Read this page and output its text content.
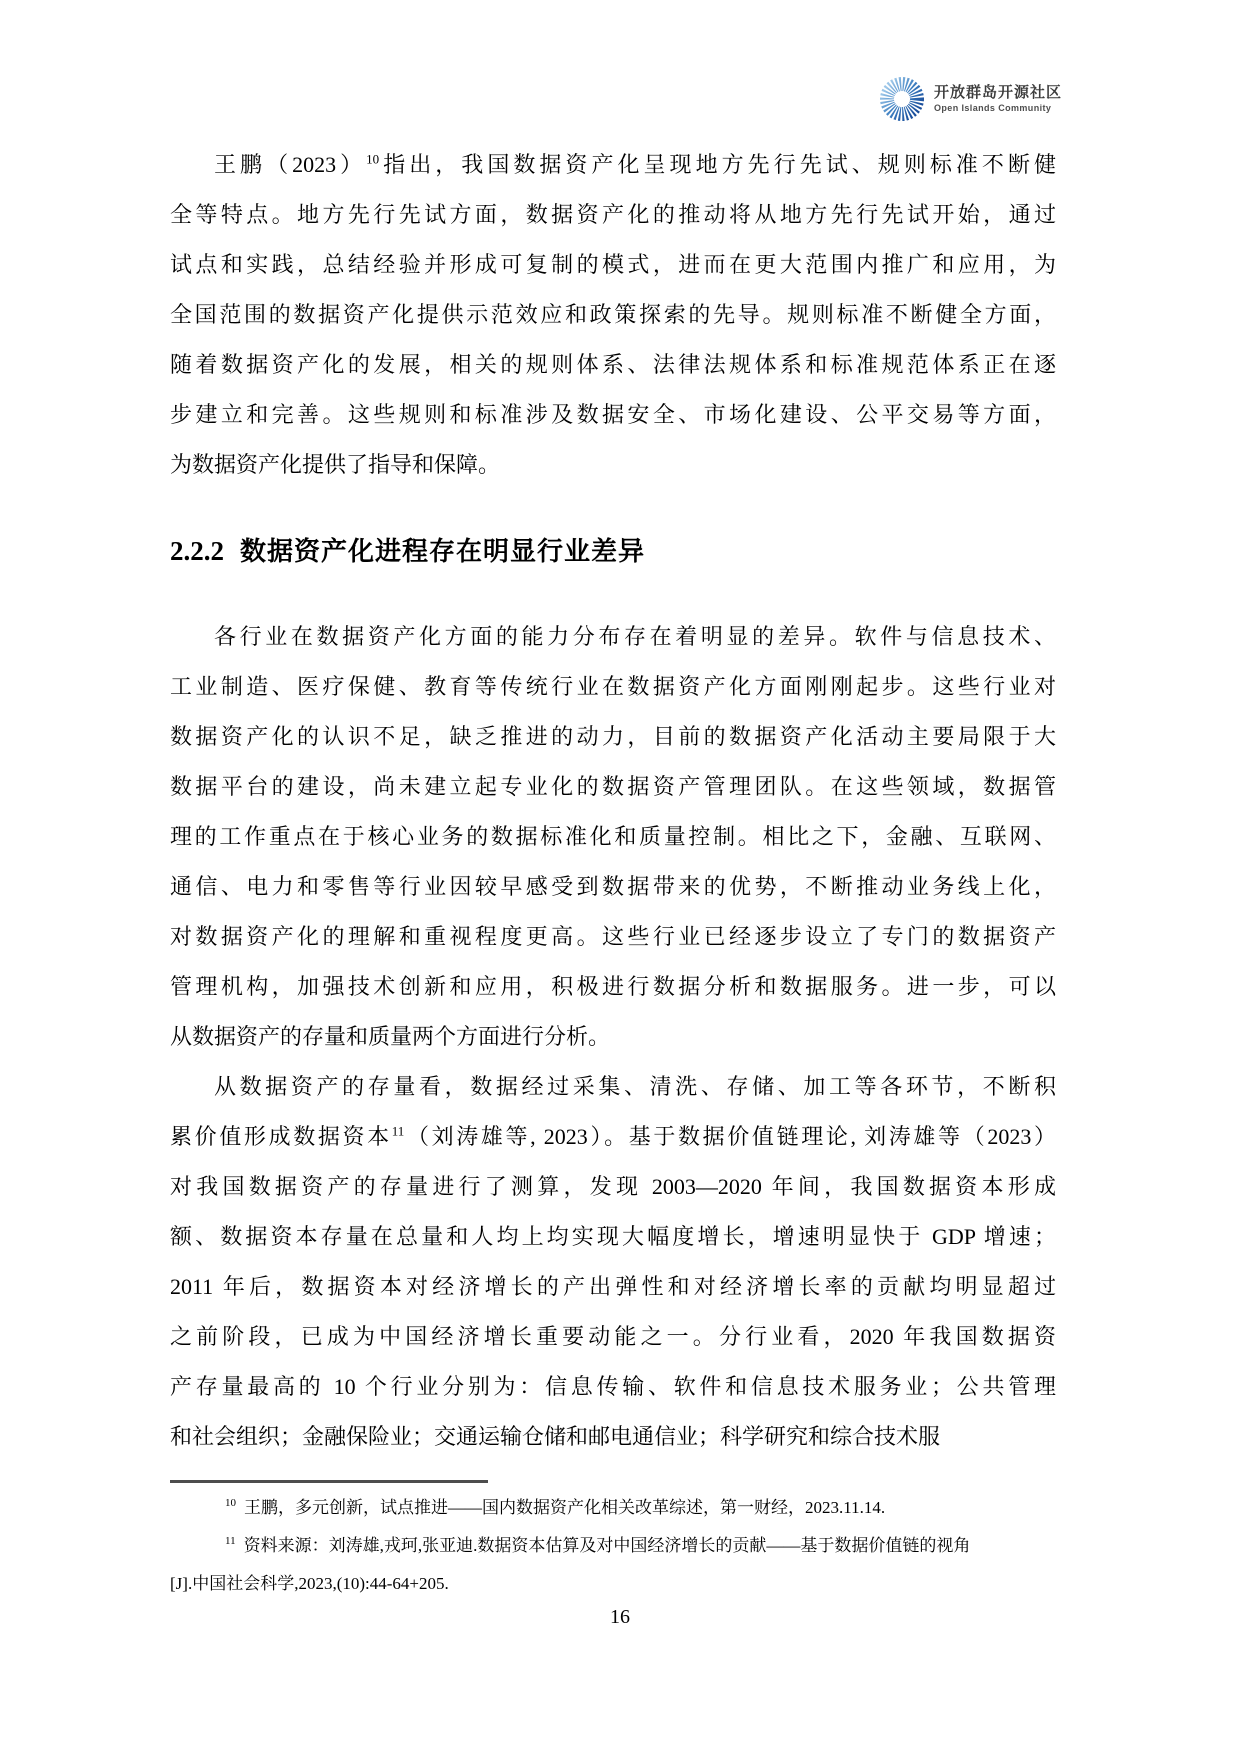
开放群岛开源社区
Open Islands Community
王鹏$(2023)^{10}$指出，我国数据资产化呈现地方先行先试、规则标准不断健
全等特点。地方先行先试方面，数据资产化的推动将从地方先行先试开始，通过
试点和实践，总结经验并形成可复制的模式，进而在更大范围内推广和应用，为
全国范围的数据资产化提供示范效应和政策探索的先导。规则标准不断健全方面，
随着数据资产化的发展，相关的规则体系、法律法规体系和标准规范体系正在逐
步建立和完善。这些规则和标准涉及数据安全、市场化建设、公平交易等方面，
为数据资产化提供了指导和保障。
2.2.2 数据资产化进程存在明显行业差异
各行业在数据资产化方面的能力分布存在着明显的差异。软件与信息技术、
工业制造、医疗保健、教育等传统行业在数据资产化方面刚刚起步。这些行业对
数据资产化的认识不足，缺乏推进的动力，目前的数据资产化活动主要局限于大
数据平台的建设，尚未建立起专业化的数据资产管理团队。在这些领域，数据管
理的工作重点在于核心业务的数据标准化和质量控制。相比之下，金融、互联网、
通信、电力和零售等行业因较早感受到数据带来的优势，不断推动业务线上化，
对数据资产化的理解和重视程度更高。这些行业已经逐步设立了专门的数据资产
管理机构，加强技术创新和应用，积极进行数据分析和数据服务。进一步，可以
从数据资产的存量和质量两个方面进行分析。
从数据资产的存量看，数据经过采集、清洗、存储、加工等各环节，不断积
累价值形成数据资本$^{11}$（刘涛雄等, 2023）。基于数据价值链理论, 刘涛雄等（2023）
对我国数据资产的存量进行了测算，发现 2003—2020 年间，我国数据资本形成
额、数据资本存量在总量和人均上均实现大幅度增长，增速明显快于 GDP 增速；
2011 年后，数据资本对经济增长的产出弹性和对经济增长率的贡献均明显超过
之前阶段，已成为中国经济增长重要动能之一。分行业看，2020 年我国数据资
产存量最高的 10 个行业分别为：信息传输、软件和信息技术服务业；公共管理
和社会组织；金融保险业；交通运输仓储和邮电通信业；科学研究和综合技术服
$^{10}$ 王鹏，多元创新，试点推进——国内数据资产化相关改革综述，第一财经，2023.11.14.
$^{11}$ 资料来源：刘涛雄,戎珂,张亚迪.数据资本估算及对中国经济增长的贡献——基于数据价值链的视角
[J].中国社会科学,2023,(10):44-64+205.
16
